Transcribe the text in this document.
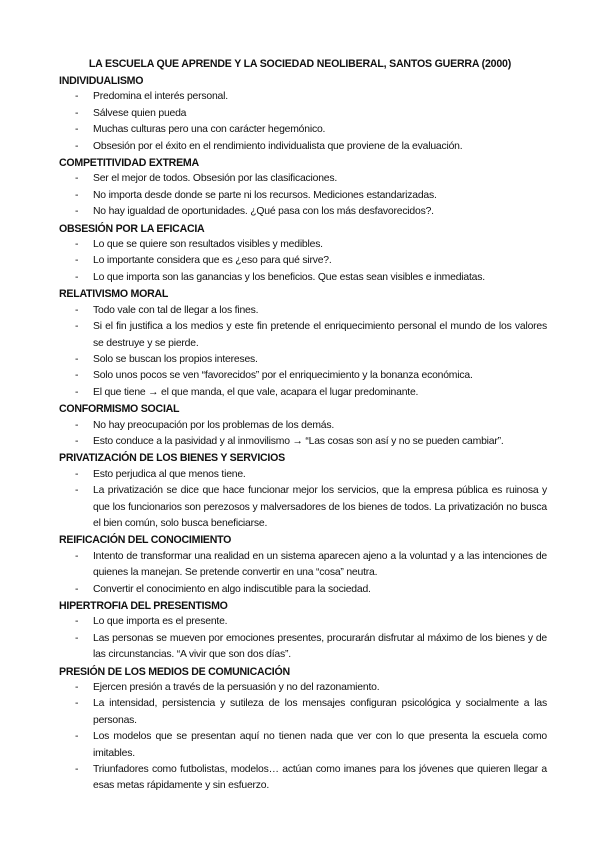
LA ESCUELA QUE APRENDE Y LA SOCIEDAD NEOLIBERAL, SANTOS GUERRA (2000)
INDIVIDUALISMO
- Predomina el interés personal.
- Sálvese quien pueda
- Muchas culturas pero una con carácter hegemónico.
- Obsesión por el éxito en el rendimiento individualista que proviene de la evaluación.
COMPETITIVIDAD EXTREMA
- Ser el mejor de todos. Obsesión por las clasificaciones.
- No importa desde donde se parte ni los recursos. Mediciones estandarizadas.
- No hay igualdad de oportunidades. ¿Qué pasa con los más desfavorecidos?.
OBSESIÓN POR LA EFICACIA
- Lo que se quiere son resultados visibles y medibles.
- Lo importante considera que es ¿eso para qué sirve?.
- Lo que importa son las ganancias y los beneficios. Que estas sean visibles e inmediatas.
RELATIVISMO MORAL
- Todo vale con tal de llegar a los fines.
- Si el fin justifica a los medios y este fin pretende el enriquecimiento personal el mundo de los valores se destruye y se pierde.
- Solo se buscan los propios intereses.
- Solo unos pocos se ven “favorecidos” por el enriquecimiento y la bonanza económica.
- El que tiene → el que manda, el que vale, acapara el lugar predominante.
CONFORMISMO SOCIAL
- No hay preocupación por los problemas de los demás.
- Esto conduce a la pasividad y al inmovilismo → “Las cosas son así y no se pueden cambiar”.
PRIVATIZACIÓN DE LOS BIENES Y SERVICIOS
- Esto perjudica al que menos tiene.
- La privatización se dice que hace funcionar mejor los servicios, que la empresa pública es ruinosa y que los funcionarios son perezosos y malversadores de los bienes de todos. La privatización no busca el bien común, solo busca beneficiarse.
REIFICACIÓN DEL CONOCIMIENTO
- Intento de transformar una realidad en un sistema aparecen ajeno a la voluntad y a las intenciones de quienes la manejan. Se pretende convertir en una “cosa” neutra.
- Convertir el conocimiento en algo indiscutible para la sociedad.
HIPERTROFIA DEL PRESENTISMO
- Lo que importa es el presente.
- Las personas se mueven por emociones presentes, procurarán disfrutar al máximo de los bienes y de las circunstancias. “A vivir que son dos días”.
PRESIÓN DE LOS MEDIOS DE COMUNICACIÓN
- Ejercen presión a través de la persuasión y no del razonamiento.
- La intensidad, persistencia y sutileza de los mensajes configuran psicológica y socialmente a las personas.
- Los modelos que se presentan aquí no tienen nada que ver con lo que presenta la escuela como imitables.
- Triunfadores como futbolistas, modelos… actúan como imanes para los jóvenes que quieren llegar a esas metas rápidamente y sin esfuerzo.
